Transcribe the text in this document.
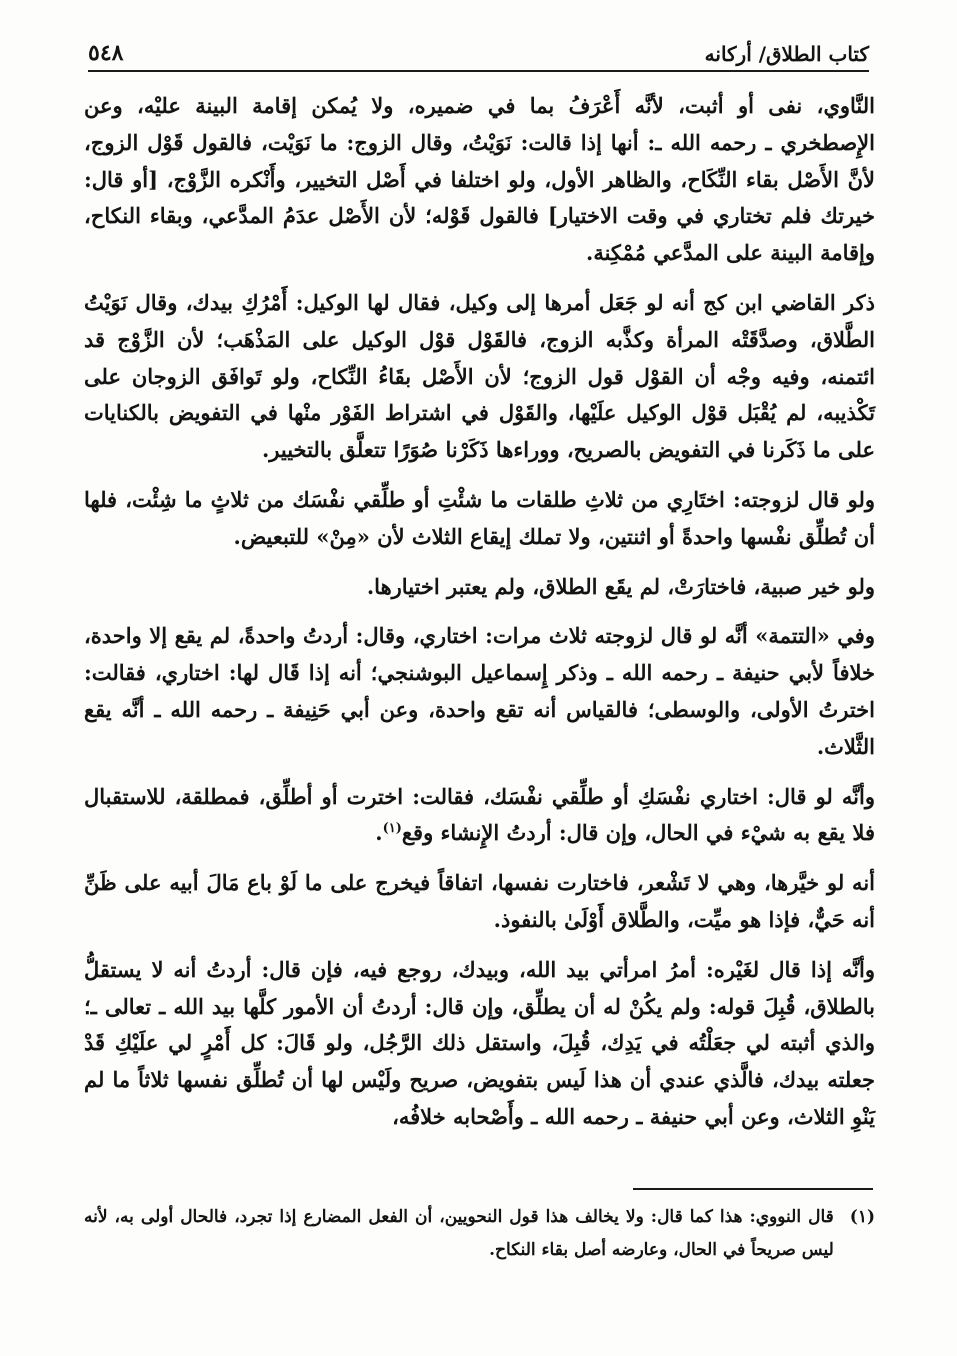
كتاب الطلاق/ أركانه
٥٤٨

النَّاوي، نفى أو أثبت، لأنَّه أَعْرَفُ بما في ضميره، ولا يُمكن إقامة البينة عليْه، وعن الإِصطخري ـ رحمه الله ـ: أنها إذا قالت: نَوَيْتُ، وقال الزوج: ما نَوَيْت، فالقول قَوْل الزوج، لأنَّ الأَصْل بقاء النِّكَاح، والظاهر الأول، ولو اختلفا في أَصْل التخيير، وأَنْكره الزَّوْج، [أو قال: خيرتك فلم تختاري في وقت الاختيار] فالقول قَوْله؛ لأن الأَصْل عدَمُ المدَّعي، وبقاء النكاح، وإقامة البينة على المدَّعي مُمْكِنة.

ذكر القاضي ابن كج أنه لو جَعَل أمرها إلى وكيل، فقال لها الوكيل: أَمْرُكِ بيدك، وقال نَوَيْتُ الطَّلاق، وصدَّقَتْه المرأة وكذَّبه الزوج، فالقَوْل قوْل الوكيل على المَذْهَب؛ لأن الزَّوْج قد ائتمنه، وفيه وجْه أن القوْل قول الزوج؛ لأن الأَصْل بقَاءُ النِّكاح، ولو تَوافَق الزوجان على تَكْذيبه، لم يُقْبَل قوْل الوكيل علَيْها، والقَوْل في اشتراط الفَوْر منْها في التفويض بالكنايات على ما ذَكَرنا في التفويض بالصريح، ووراءها ذَكَرْنا صُوَرًا تتعلَّق بالتخيير.

ولو قال لزوجته: اختَارِي من ثلاثِ طلقات ما شئْتِ أو طلِّقي نفْسَك من ثلاثٍ ما شِئْت، فلها أن تُطلِّق نفْسها واحدةً أو اثنتين، ولا تملك إيقاع الثلاث لأن «مِنْ» للتبعيض.

ولو خير صبية، فاختارَتْ، لم يقَع الطلاق، ولم يعتبر اختيارها.

وفي «التتمة» أنَّه لو قال لزوجته ثلاث مرات: اختاري، وقال: أردتُ واحدةً، لم يقع إلا واحدة، خلافاً لأبي حنيفة ـ رحمه الله ـ وذكر إِسماعيل البوشنجي؛ أنه إذا قَال لها: اختاري، فقالت: اخترتُ الأولى، والوسطى؛ فالقياس أنه تقع واحدة، وعن أبي حَنِيفة ـ رحمه الله ـ أنَّه يقع الثَّلاث.

وأنَّه لو قال: اختاري نفْسَكِ أو طلِّقي نفْسَك، فقالت: اخترت أو أطلِّق، فمطلقة، للاستقبال فلا يقع به شيْء في الحال، وإن قال: أردتُ الإِنشاء وقع$^{(١)}$.

أنه لو خيَّرها، وهي لا تَشْعر، فاختارت نفسها، اتفاقاً فيخرج على ما لَوْ باع مَالَ أبيه على ظَنِّ أنه حَيٌّ، فإذا هو ميِّت، والطَّلاق أَوْلَىٰ بالنفوذ.

وأنَّه إذا قال لغَيْره: أمرُ امرأتي بيد الله، وبيدك، روجع فيه، فإن قال: أردتُ أنه لا يستقلُّ بالطلاق، قُبِلَ قوله: ولم يكُنْ له أن يطلِّق، وإن قال: أردتُ أن الأمور كلَّها بيد الله ـ تعالى ـ؛ والذي أثبته لي جعَلْتُه في يَدِك، قُبِلَ، واستقل ذلك الرَّجُل، ولو قَالَ: كل أَمْرٍ لي علَيْكِ قَدْ جعلته بيدك، فالَّذي عندي أن هذا لَيس بتفويض، صريح ولَيْس لها أن تُطلِّق نفسها ثلاثاً ما لم يَنْوِ الثلاث، وعن أبي حنيفة ـ رحمه الله ـ وأَصْحابه خلافُه،

(١)
قال النووي: هذا كما قال: ولا يخالف هذا قول النحويين، أن الفعل المضارع إذا تجرد، فالحال أولى به، لأنه ليس صريحاً في الحال، وعارضه أصل بقاء النكاح.
